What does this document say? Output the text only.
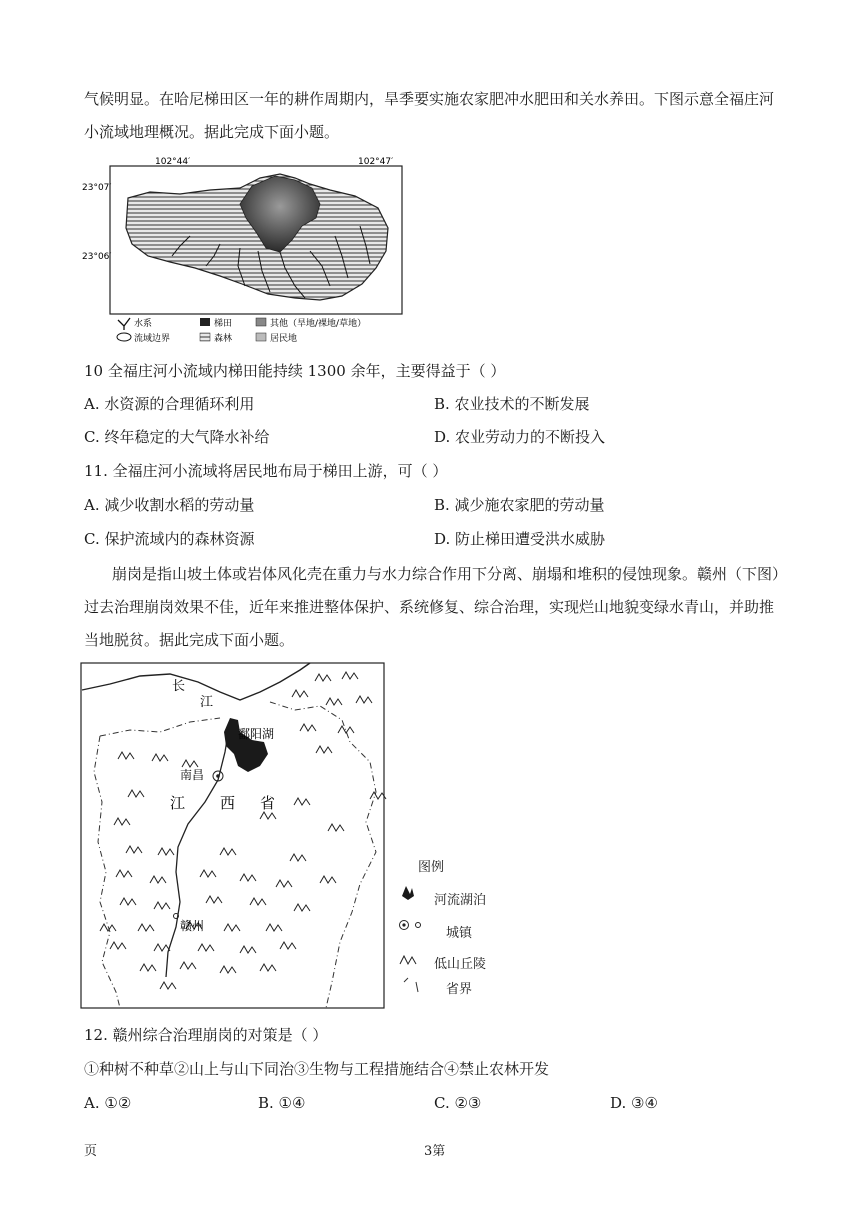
气候明显。在哈尼梯田区一年的耕作周期内，旱季要实施农家肥冲水肥田和关水养田。下图示意全福庄河
小流域地理概况。据此完成下面小题。
102°44′	102°47′
23°07′
23°06′
水系
流域边界
梯田
森林
其他（旱地/裸地/草地）
居民地
10 全福庄河小流域内梯田能持续 1300 余年，主要得益于（ ）
A. 水资源的合理循环利用	B. 农业技术的不断发展
C. 终年稳定的大气降水补给	D. 农业劳动力的不断投入
11. 全福庄河小流域将居民地布局于梯田上游，可（ ）
A. 减少收割水稻的劳动量	B. 减少施农家肥的劳动量
C. 保护流域内的森林资源	D. 防止梯田遭受洪水威胁
崩岗是指山坡土体或岩体风化壳在重力与水力综合作用下分离、崩塌和堆积的侵蚀现象。赣州（下图）
过去治理崩岗效果不佳，近年来推进整体保护、系统修复、综合治理，实现烂山地貌变绿水青山，并助推
当地脱贫。据此完成下面小题。
长
江
鄱阳湖
南昌
江 西 省
赣州
图例
河流湖泊
城镇
低山丘陵
省界
12. 赣州综合治理崩岗的对策是（ ）
①种树不种草②山上与山下同治③生物与工程措施结合④禁止农林开发
A. ①②	B. ①④	C. ②③	D. ③④
页	3第
